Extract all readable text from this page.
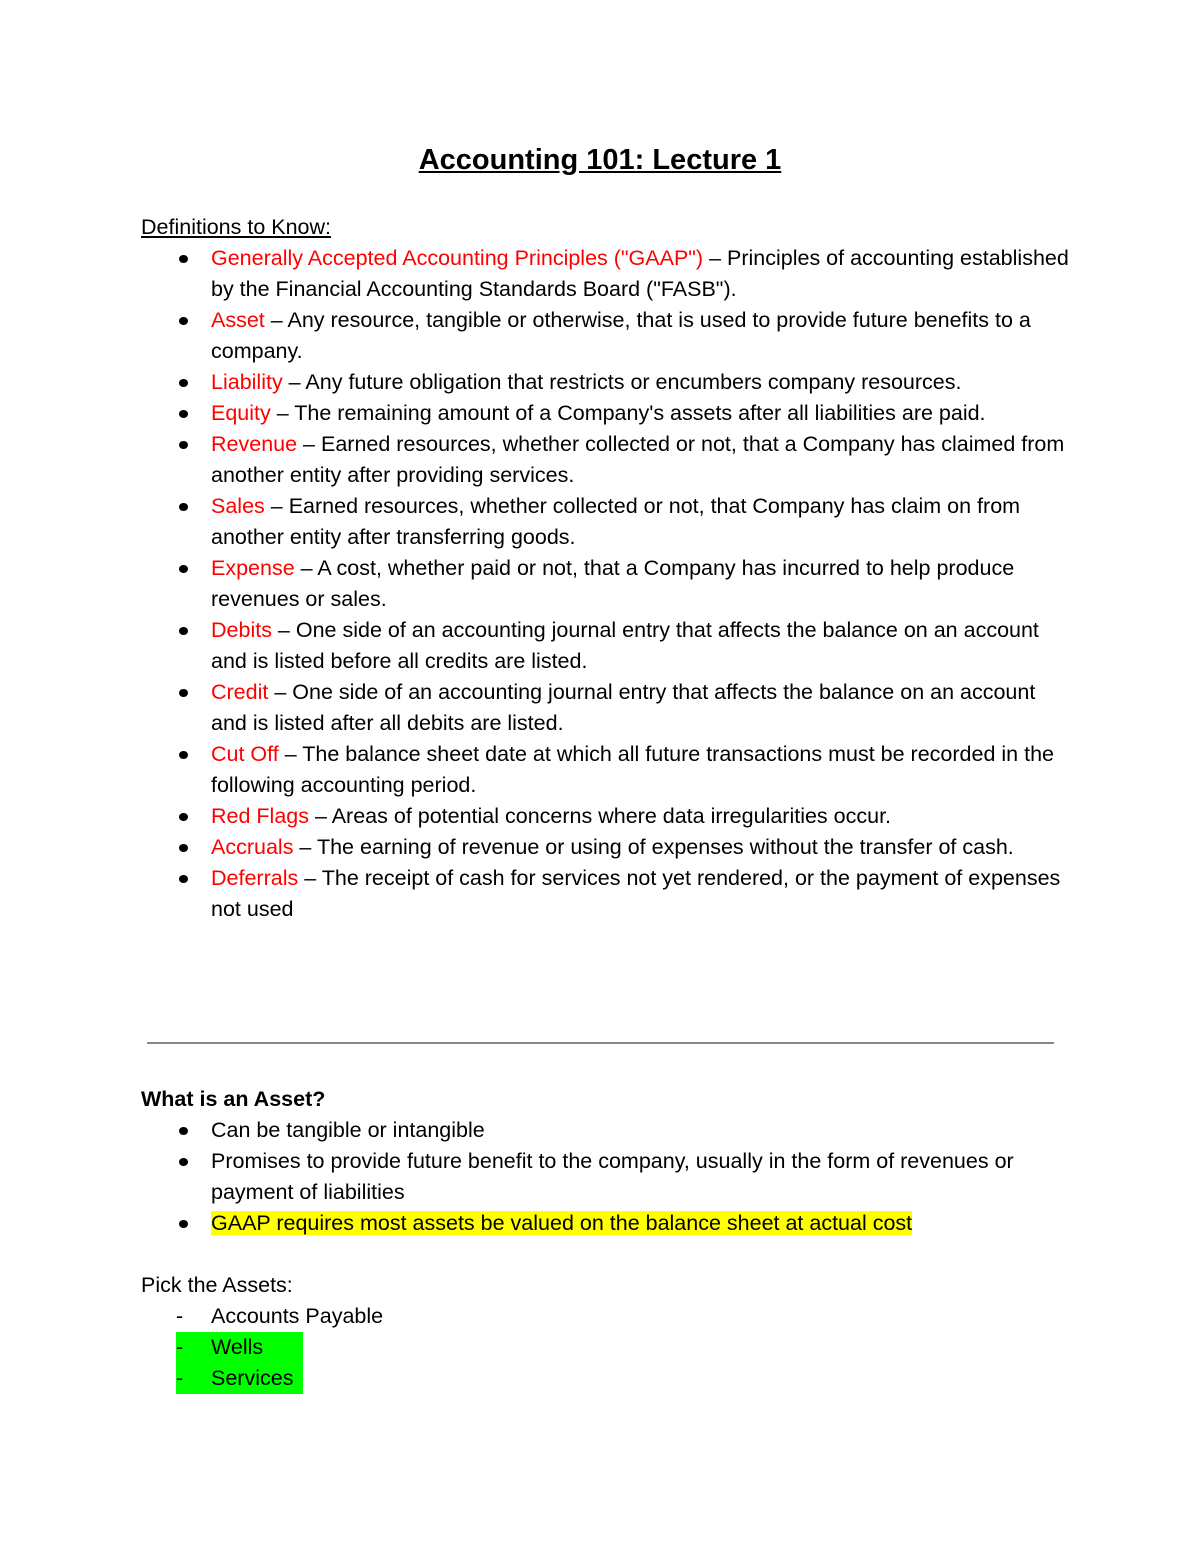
Accounting 101: Lecture 1
Definitions to Know:
Generally Accepted Accounting Principles ("GAAP") – Principles of accounting established by the Financial Accounting Standards Board ("FASB").
Asset – Any resource, tangible or otherwise, that is used to provide future benefits to a company.
Liability – Any future obligation that restricts or encumbers company resources.
Equity – The remaining amount of a Company's assets after all liabilities are paid.
Revenue – Earned resources, whether collected or not, that a Company has claimed from another entity after providing services.
Sales – Earned resources, whether collected or not, that Company has claim on from another entity after transferring goods.
Expense – A cost, whether paid or not, that a Company has incurred to help produce revenues or sales.
Debits – One side of an accounting journal entry that affects the balance on an account and is listed before all credits are listed.
Credit – One side of an accounting journal entry that affects the balance on an account and is listed after all debits are listed.
Cut Off – The balance sheet date at which all future transactions must be recorded in the following accounting period.
Red Flags – Areas of potential concerns where data irregularities occur.
Accruals – The earning of revenue or using of expenses without the transfer of cash.
Deferrals – The receipt of cash for services not yet rendered, or the payment of expenses not used
What is an Asset?
Can be tangible or intangible
Promises to provide future benefit to the company, usually in the form of revenues or payment of liabilities
GAAP requires most assets be valued on the balance sheet at actual cost
Pick the Assets:
- Accounts Payable
- Wells
- Services
